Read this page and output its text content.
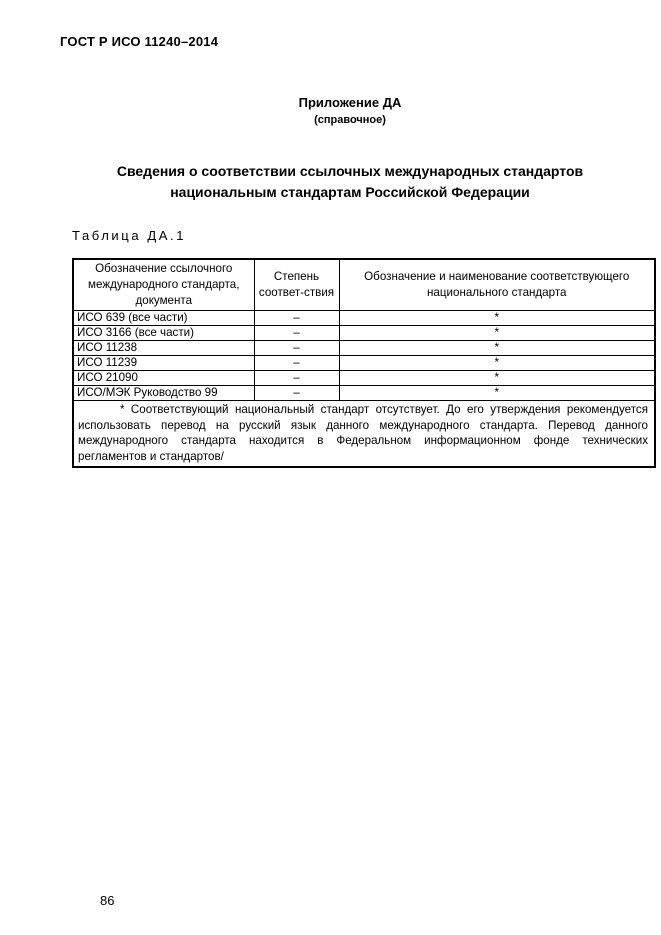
ГОСТ Р ИСО 11240–2014
Приложение ДА
(справочное)
Сведения о соответствии ссылочных международных стандартов
национальным стандартам Российской Федерации
Таблица ДА.1
Обозначение ссылочного международного стандарта, документа	Степень соответ-ствия	Обозначение и наименование соответствующего национального стандарта
ИСО 639 (все части)	–	*
ИСО 3166 (все части)	–	*
ИСО 11238	–	*
ИСО 11239	–	*
ИСО 21090	–	*
ИСО/МЭК Руководство 99	–	*
* Соответствующий национальный стандарт отсутствует. До его утверждения рекомендуется использовать перевод на русский язык данного международного стандарта. Перевод данного международного стандарта находится в Федеральном информационном фонде технических регламентов и стандартов/		
86
